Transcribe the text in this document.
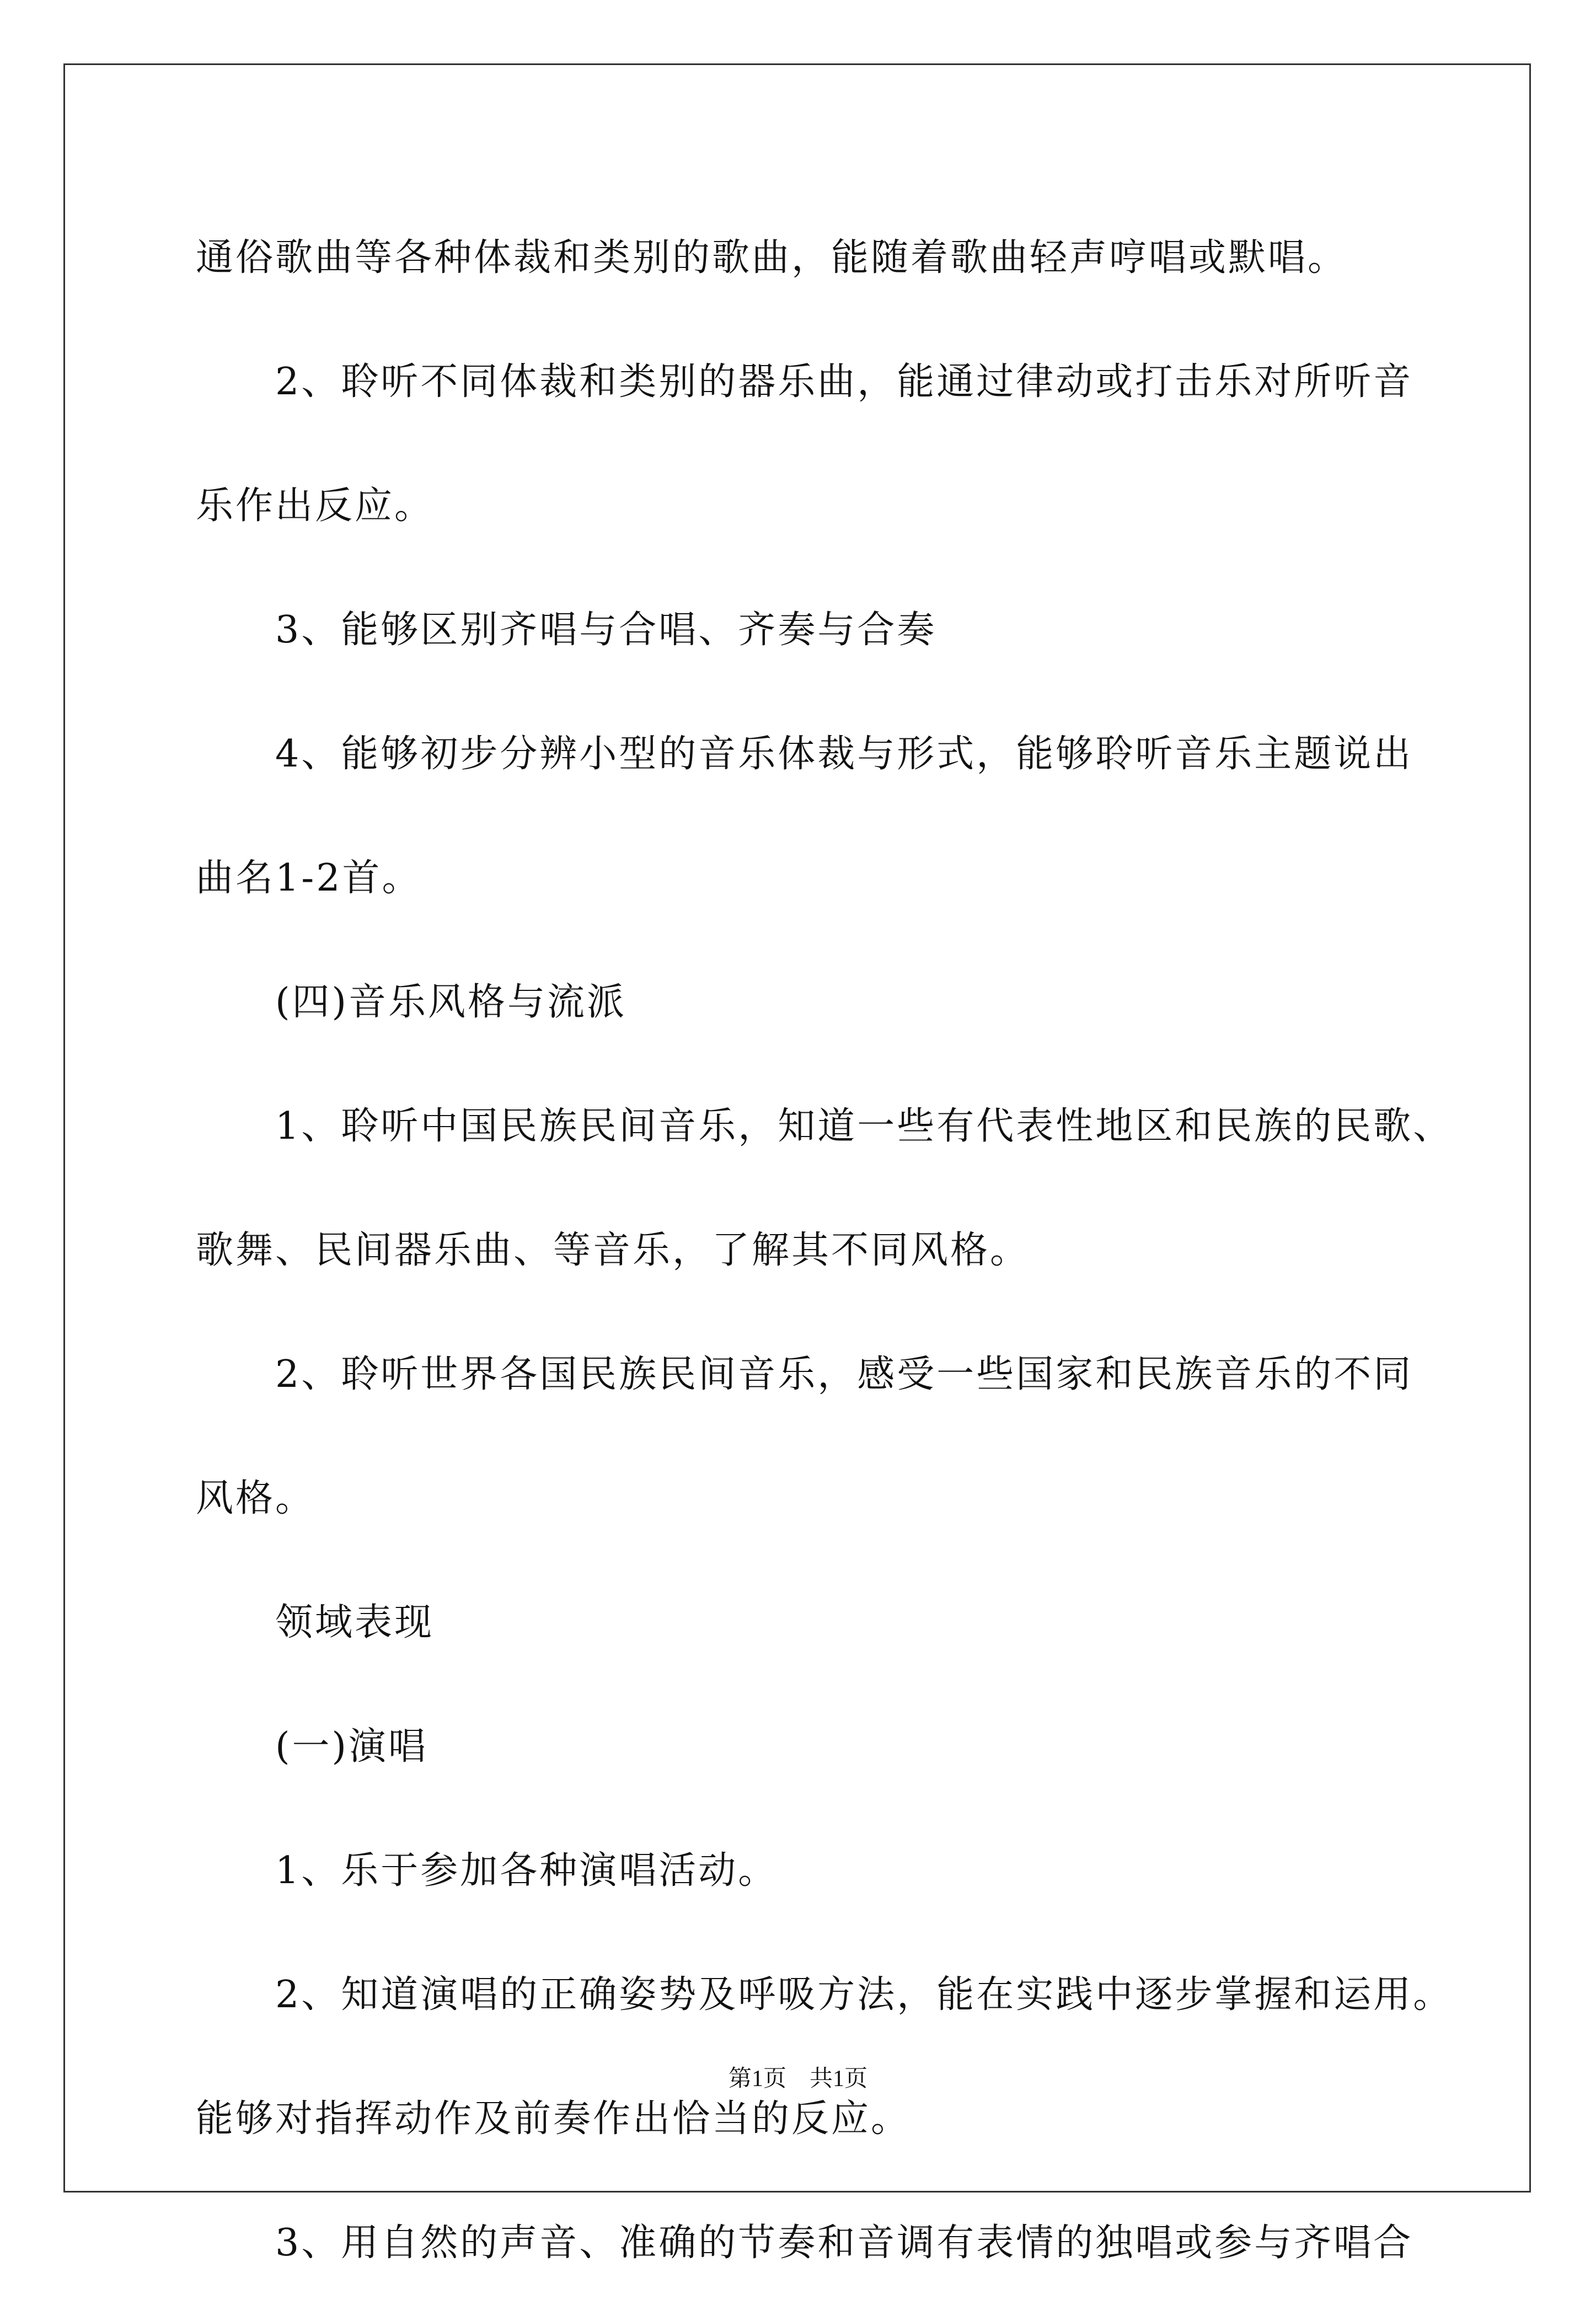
通俗歌曲等各种体裁和类别的歌曲，能随着歌曲轻声哼唱或默唱。
2、聆听不同体裁和类别的器乐曲，能通过律动或打击乐对所听音
乐作出反应。
3、能够区别齐唱与合唱、齐奏与合奏
4、能够初步分辨小型的音乐体裁与形式，能够聆听音乐主题说出
曲名1-2首。
(四)音乐风格与流派
1、聆听中国民族民间音乐，知道一些有代表性地区和民族的民歌、
歌舞、民间器乐曲、等音乐，了解其不同风格。
2、聆听世界各国民族民间音乐，感受一些国家和民族音乐的不同
风格。
领域表现
(一)演唱
1、乐于参加各种演唱活动。
2、知道演唱的正确姿势及呼吸方法，能在实践中逐步掌握和运用。
能够对指挥动作及前奏作出恰当的反应。
3、用自然的声音、准确的节奏和音调有表情的独唱或参与齐唱合
第1页　共1页
